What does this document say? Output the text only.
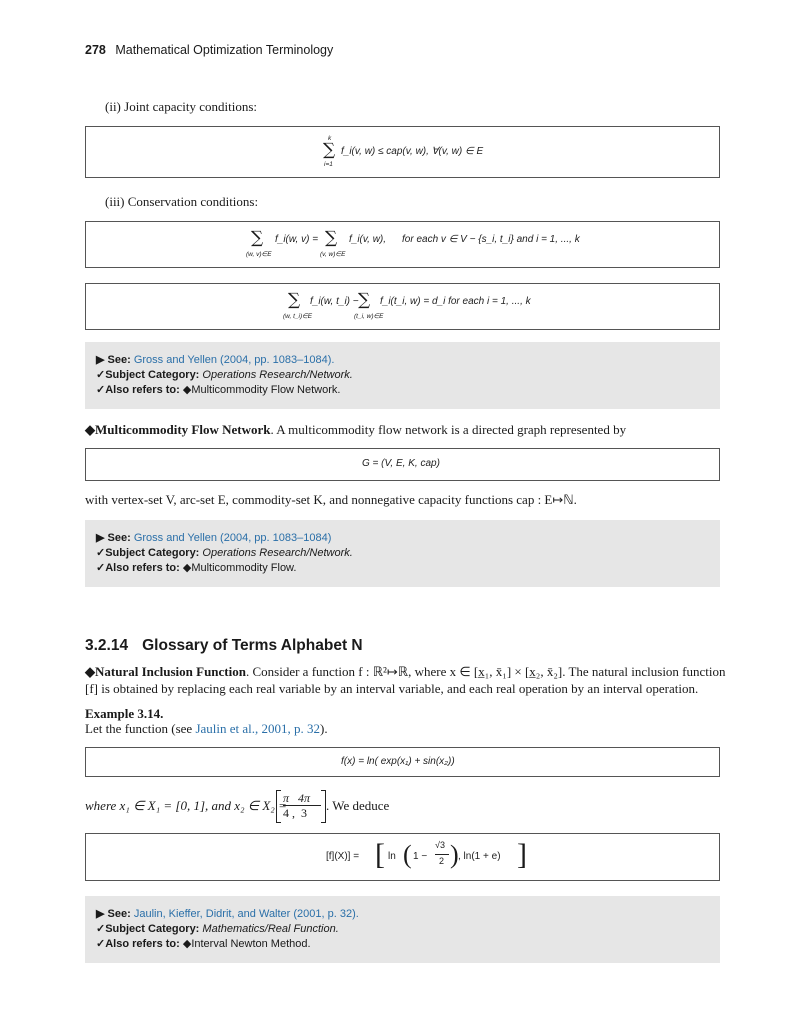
278 Mathematical Optimization Terminology
(ii) Joint capacity conditions:
k
∑
i=1
f_i(v, w) ≤ cap(v, w), ∀(v, w) ∈ E
(iii) Conservation conditions:
∑
(w, v)∈E
f_i(w, v) = ∑
(v, w)∈E
f_i(v, w), for each v ∈ V − {s_i, t_i} and i = 1, ..., k
∑
(w, t_i)∈E
f_i(w, t_i) − ∑
(t_i, w)∈E
f_i(t_i, w) = d_i for each i = 1, ..., k
▶ See: Gross and Yellen (2004, pp. 1083–1084).
✓Subject Category: Operations Research/Network.
✓Also refers to: ◆Multicommodity Flow Network.
◆Multicommodity Flow Network. A multicommodity flow network is a directed graph represented by
G = (V, E, K, cap)
with vertex-set V, arc-set E, commodity-set K, and nonnegative capacity functions cap : E↦ℕ.
▶ See: Gross and Yellen (2004, pp. 1083–1084)
✓Subject Category: Operations Research/Network.
✓Also refers to: ◆Multicommodity Flow.
3.2.14 Glossary of Terms Alphabet N
◆Natural Inclusion Function. Consider a function f : ℝ²↦ℝ, where x ∈ [x̲₁, x̄₁] × [x̲₂, x̄₂]. The natural inclusion function
[f] is obtained by replacing each real variable by an interval variable, and each real operation by an interval operation.
Example 3.14.
Let the function (see Jaulin et al., 2001, p. 32).
f(x) = ln( exp(x₁) + sin(x₂))
where x₁ ∈ X₁ = [0, 1], and x₂ ∈ X₂ =
π   4π
4 ,  3 . We deduce
[f](X)] = [ ln ( 1 −
√3
2 ) , ln(1 + e) ]
▶ See: Jaulin, Kieffer, Didrit, and Walter (2001, p. 32).
✓Subject Category: Mathematics/Real Function.
✓Also refers to: ◆Interval Newton Method.
